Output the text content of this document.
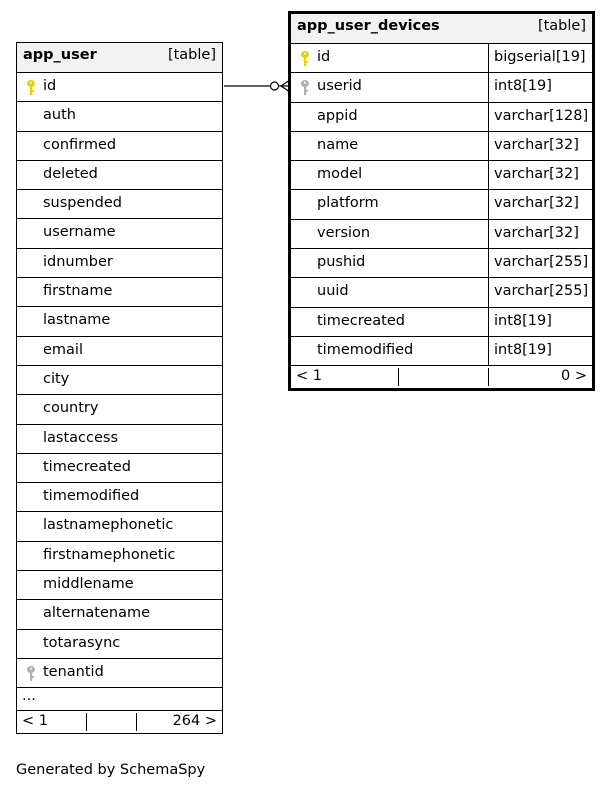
app_user	[table]
id
auth
confirmed
deleted
suspended
username
idnumber
firstname
lastname
email
city
country
lastaccess
timecreated
timemodified
lastnamephonetic
firstnamephonetic
middlename
alternatename
totarasync
tenantid
...
< 1	264 >
app_user_devices	[table]
id	bigserial[19]
userid	int8[19]
appid	varchar[128]
name	varchar[32]
model	varchar[32]
platform	varchar[32]
version	varchar[32]
pushid	varchar[255]
uuid	varchar[255]
timecreated	int8[19]
timemodified	int8[19]
< 1	0 >
Generated by SchemaSpy
